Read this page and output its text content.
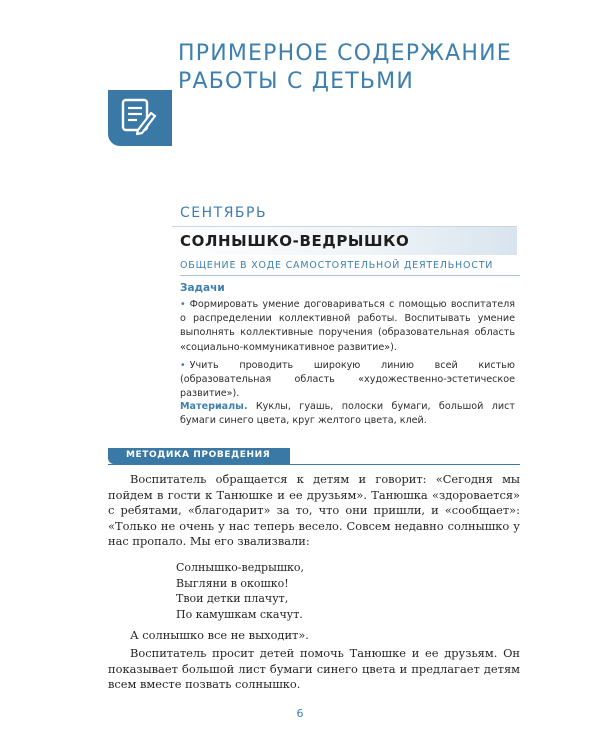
ПРИМЕРНОЕ СОДЕРЖАНИЕ
РАБОТЫ С ДЕТЬМИ
СЕНТЯБРЬ
СОЛНЫШКО-ВЕДРЫШКО
ОБЩЕНИЕ В ХОДЕ САМОСТОЯТЕЛЬНОЙ ДЕЯТЕЛЬНОСТИ
Задачи
• Формировать умение договариваться с помощью воспитателя о распределении коллективной работы. Воспитывать умение выполнять коллективные поручения (образовательная область «социально-коммуникативное развитие»).
• Учить проводить широкую линию всей кистью (образовательная область «художественно-эстетическое развитие»).

Материалы. Куклы, гуашь, полоски бумаги, большой лист бумаги синего цвета, круг желтого цвета, клей.

МЕТОДИКА ПРОВЕДЕНИЯ

Воспитатель обращается к детям и говорит: «Сегодня мы пойдем в гости к Танюшке и ее друзьям». Танюшка «здоровается» с ребятами, «благодарит» за то, что они пришли, и «сообщает»: «Только не очень у нас теперь весело. Совсем недавно солнышко у нас пропало. Мы его звализвали:

Солнышко-ведрышко,
Выгляни в окошко!
Твои детки плачут,
По камушкам скачут.

А солнышко все не выходит».

Воспитатель просит детей помочь Танюшке и ее друзьям. Он показывает большой лист бумаги синего цвета и предлагает детям всем вместе позвать солнышко.

6
